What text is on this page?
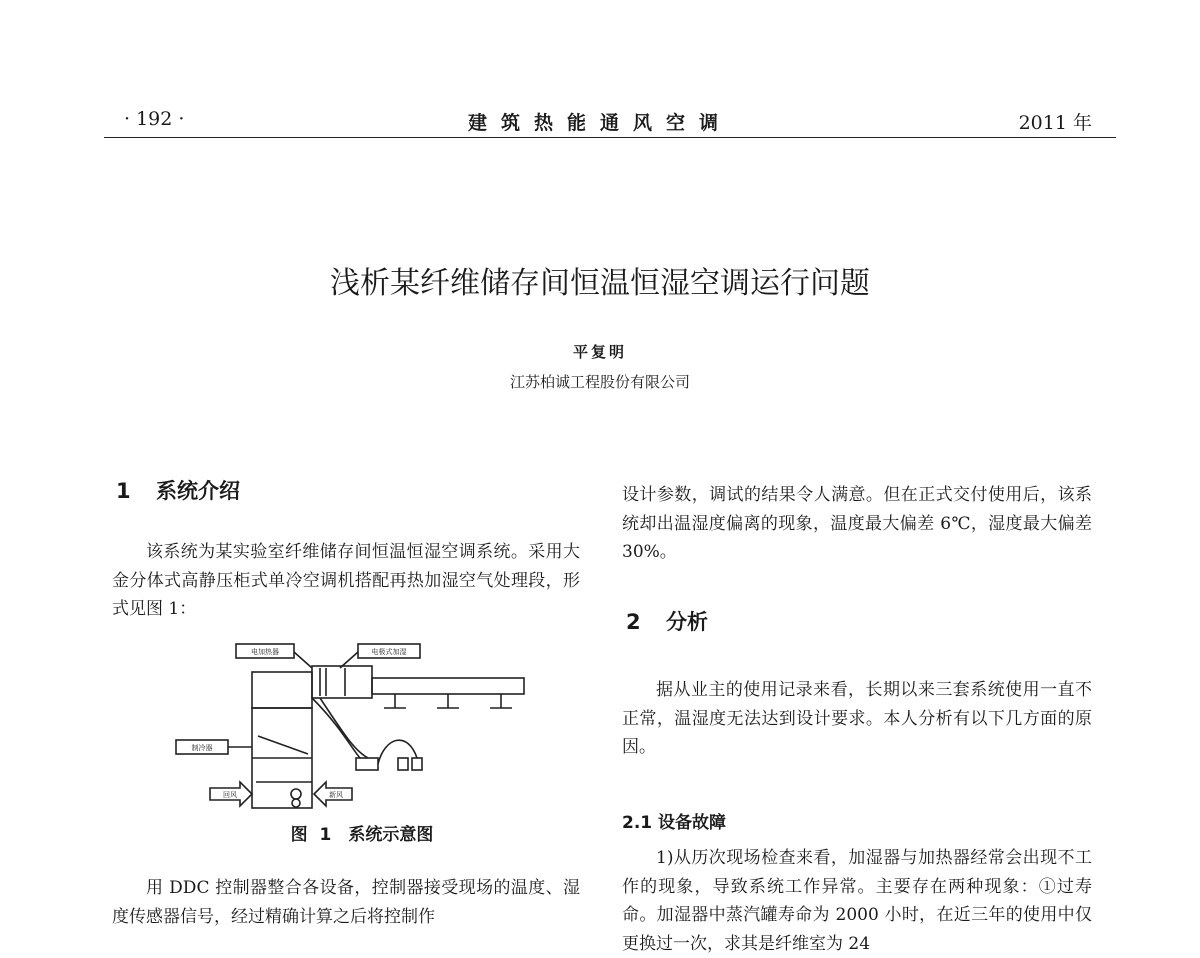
· 192 ·	建筑热能通风空调	2011 年
浅析某纤维储存间恒温恒湿空调运行问题
平复明
江苏柏诚工程股份有限公司
1 系统介绍
该系统为某实验室纤维储存间恒温恒湿空调系统。采用大金分体式高静压柜式单冷空调机搭配再热加湿空气处理段，形式见图 1：
电加热器	电极式加湿
制冷器
回风	新风
图 1　系统示意图
用 DDC 控制器整合各设备，控制器接受现场的温度、湿度传感器信号，经过精确计算之后将控制作
设计参数，调试的结果令人满意。但在正式交付使用后，该系统却出温湿度偏离的现象，温度最大偏差 6℃，湿度最大偏差 30%。
2 分析
据从业主的使用记录来看，长期以来三套系统使用一直不正常，温湿度无法达到设计要求。本人分析有以下几方面的原因。
2.1 设备故障
1)从历次现场检查来看，加湿器与加热器经常会出现不工作的现象，导致系统工作异常。主要存在两种现象：①过寿命。加湿器中蒸汽罐寿命为 2000 小时，在近三年的使用中仅更换过一次，求其是纤维室为 24
